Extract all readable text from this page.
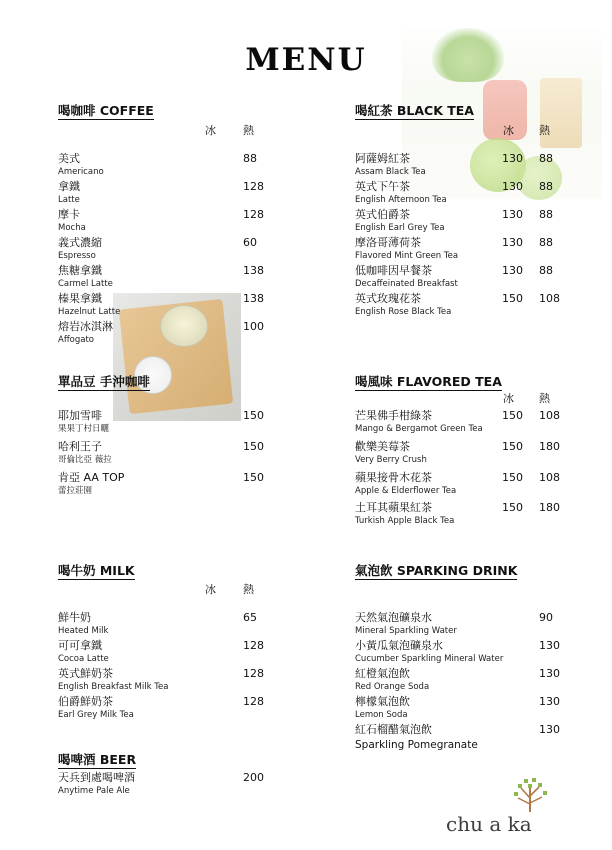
MENU
喝咖啡 COFFEE
冰 熱
美式
Americano
88
拿鐵
Latte
128
摩卡
Mocha
128
義式濃縮
Espresso
60
焦糖拿鐵
Carmel Latte
138
榛果拿鐵
Hazelnut Latte
138
熔岩冰淇淋
Affogato
100
單品豆 手沖咖啡
耶加雪啡
果果丁村日曬
150
哈利王子
哥倫比亞 薇拉
150
肯亞 AA TOP
蕾拉莊園
150
喝牛奶 MILK
冰 熱
鮮牛奶
Heated Milk
65
可可拿鐵
Cocoa Latte
128
英式鮮奶茶
English Breakfast Milk Tea
128
伯爵鮮奶茶
Earl Grey Milk Tea
128
喝啤酒 BEER
天兵到處喝啤酒
Anytime Pale Ale
200
喝紅茶 BLACK TEA
冰 熱
阿薩姆紅茶
Assam Black Tea
130 88
英式下午茶
English Afternoon Tea
130 88
英式伯爵茶
English Earl Grey Tea
130 88
摩洛哥薄荷茶
Flavored Mint Green Tea
130 88
低咖啡因早餐茶
Decaffeinated Breakfast
130 88
英式玫瑰花茶
English Rose Black Tea
150 108
喝風味 FLAVORED TEA
冰 熱
芒果佛手柑綠茶
Mango & Bergamot Green Tea
150 108
歡樂美莓茶
Very Berry Crush
150 180
蘋果接骨木花茶
Apple & Elderflower Tea
150 108
土耳其蘋果紅茶
Turkish Apple Black Tea
150 180
氣泡飲 SPARKING DRINK
天然氣泡礦泉水
Mineral Sparkling Water
90
小黃瓜氣泡礦泉水
Cucumber Sparkling Mineral Water
130
紅橙氣泡飲
Red Orange Soda
130
檸檬氣泡飲
Lemon Soda
130
紅石榴醋氣泡飲
Sparkling Pomegranate
130
chu a ka
